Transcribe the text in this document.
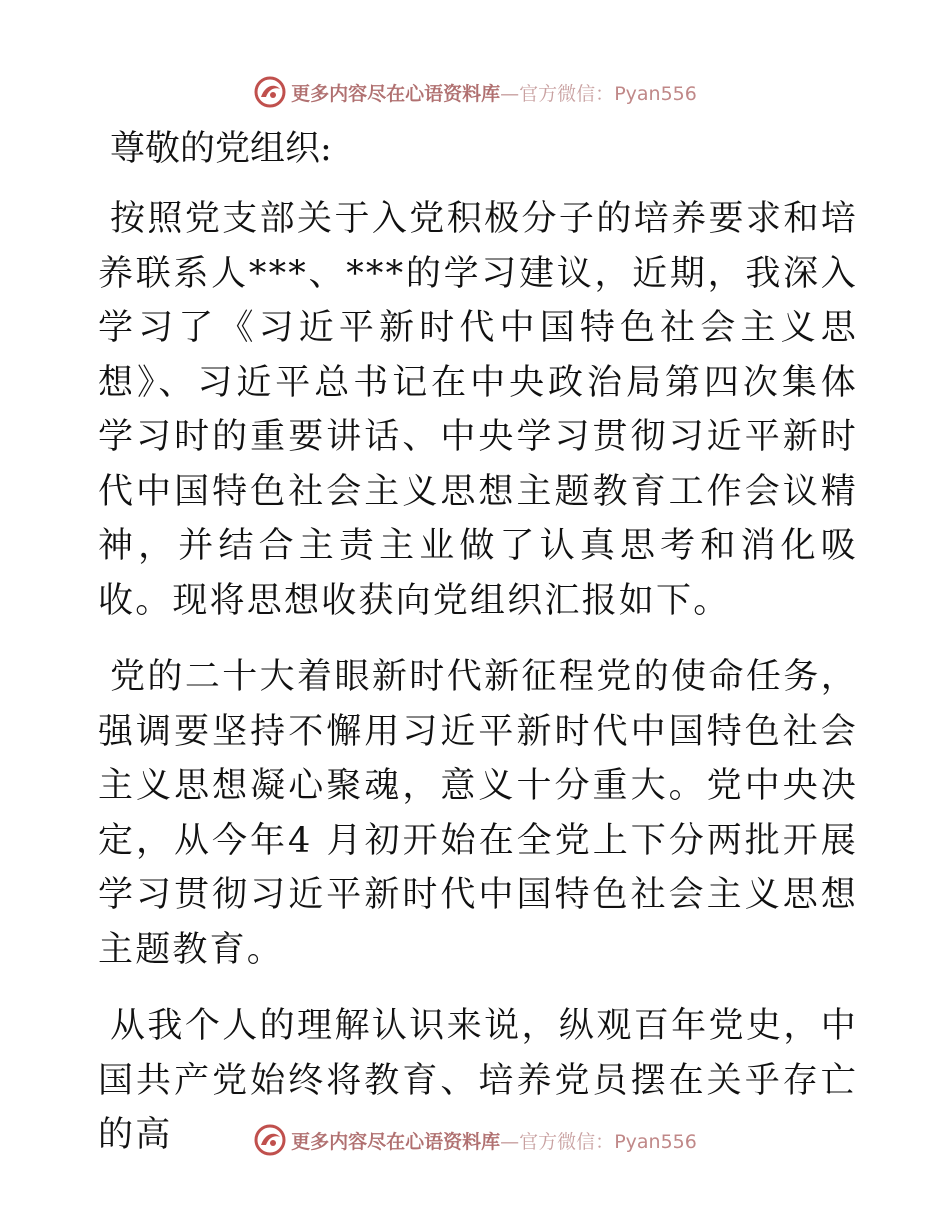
更多内容尽在心语资料库—官方微信：Pyan556
尊敬的党组织:

按照党支部关于入党积极分子的培养要求和培养联系人***、***的学习建议，近期，我深入学习了《习近平新时代中国特色社会主义思想》、习近平总书记在中央政治局第四次集体学习时的重要讲话、中央学习贯彻习近平新时代中国特色社会主义思想主题教育工作会议精神，并结合主责主业做了认真思考和消化吸收。现将思想收获向党组织汇报如下。

党的二十大着眼新时代新征程党的使命任务，强调要坚持不懈用习近平新时代中国特色社会主义思想凝心聚魂，意义十分重大。党中央决定，从今年4 月初开始在全党上下分两批开展学习贯彻习近平新时代中国特色社会主义思想主题教育。

从我个人的理解认识来说，纵观百年党史，中国共产党始终将教育、培养党员摆在关乎存亡的高	更多内容尽在心语资料库—官方微信：Pyan556
